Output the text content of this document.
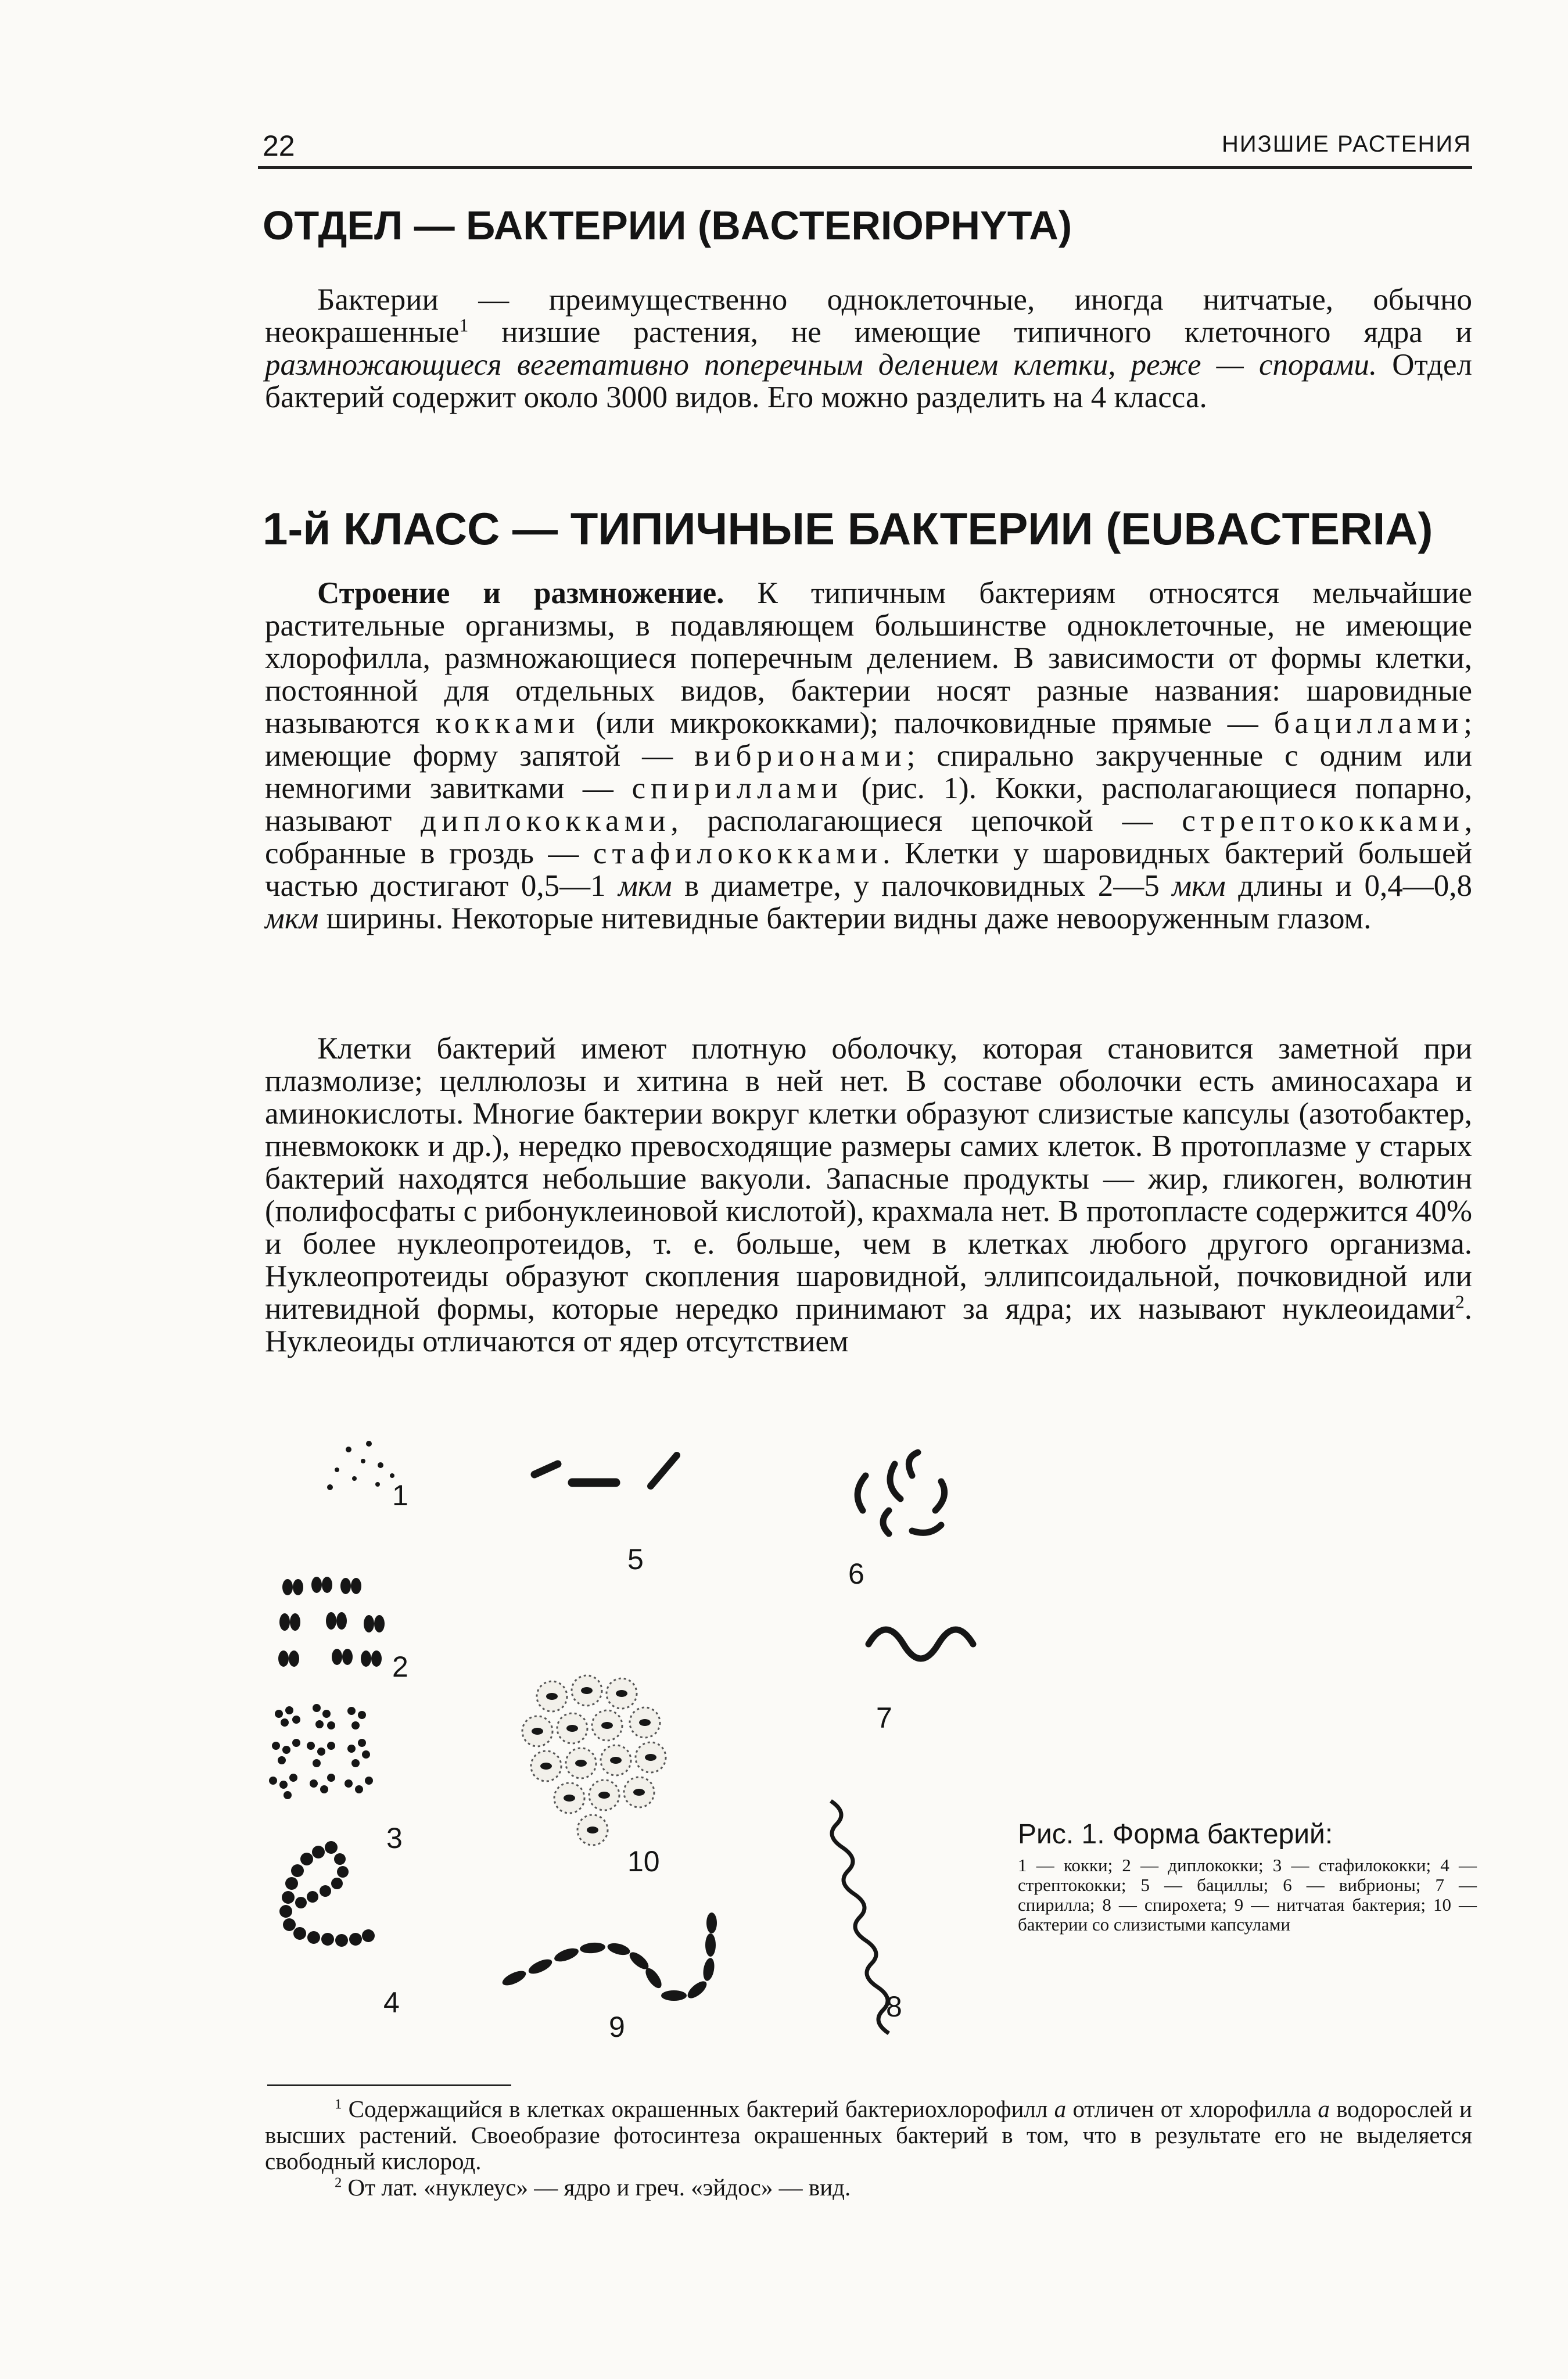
22	НИЗШИЕ РАСТЕНИЯ
ОТДЕЛ — БАКТЕРИИ (BACTERIOPHYTA)

Бактерии — преимущественно одноклеточные, иногда нитчатые, обычно неокрашенные$^1$ низшие растения, не имеющие типичного клеточного ядра и размножающиеся вегетативно поперечным делением клетки, реже — спорами. Отдел бактерий содержит около 3000 видов. Его можно разделить на 4 класса.

1-й КЛАСС — ТИПИЧНЫЕ БАКТЕРИИ (EUBACTERIA)

Строение и размножение. К типичным бактериям относятся мельчайшие растительные организмы, в подавляющем большинстве одноклеточные, не имеющие хлорофилла, размножающиеся поперечным делением. В зависимости от формы клетки, постоянной для отдельных видов, бактерии носят разные названия: шаровидные называются кокками (или микрококками); палочковидные прямые — бациллами; имеющие форму запятой — вибрионами; спирально закрученные с одним или немногими завитками — спириллами (рис. 1). Кокки, располагающиеся попарно, называют диплококками, располагающиеся цепочкой — стрептококками, собранные в гроздь — стафилококками. Клетки у шаровидных бактерий большей частью достигают 0,5—1 мкм в диаметре, у палочковидных 2—5 мкм длины и 0,4—0,8 мкм ширины. Некоторые нитевидные бактерии видны даже невооруженным глазом.

Клетки бактерий имеют плотную оболочку, которая становится заметной при плазмолизе; целлюлозы и хитина в ней нет. В составе оболочки есть аминосахара и аминокислоты. Многие бактерии вокруг клетки образуют слизистые капсулы (азотобактер, пневмококк и др.), нередко превосходящие размеры самих клеток. В протоплазме у старых бактерий находятся небольшие вакуоли. Запасные продукты — жир, гликоген, волютин (полифосфаты с рибонуклеиновой кислотой), крахмала нет. В протопласте содержится 40% и более нуклеопротеидов, т. е. больше, чем в клетках любого другого организма. Нуклеопротеиды образуют скопления шаровидной, эллипсоидальной, почковидной или нитевидной формы, которые нередко принимают за ядра; их называют нуклеоидами$^2$. Нуклеоиды отличаются от ядер отсутствием

1
2
3
4
5	6
7
8
9
10
Рис. 1. Форма бактерий:
1 — кокки; 2 — диплококки; 3 — стафилококки; 4 — стрептококки; 5 — бациллы; 6 — вибрионы; 7 — спирилла; 8 — спирохета; 9 — нитчатая бактерия; 10 — бактерии со слизистыми капсулами

$^1$ Содержащийся в клетках окрашенных бактерий бактериохлорофилл a отличен от хлорофилла a водорослей и высших растений. Своеобразие фотосинтеза окрашенных бактерий в том, что в результате его не выделяется свободный кислород.

$^2$ От лат. «нуклеус» — ядро и греч. «эйдос» — вид.
